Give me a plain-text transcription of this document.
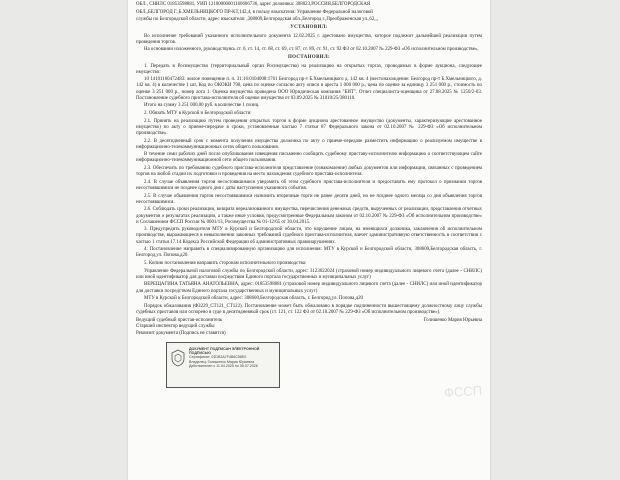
ОБЛ., СНИЛС 01853598881, УИП 12100000001160606736, адрес должника: 308023,РОССИЯ,БЕЛГОРОДСКАЯ

ОБЛ.,БЕЛГОРОД Г.,Б.ХМЕЛЬНИЦКОГО ПР-КТ,142,4, в пользу взыскателя: Управление Федеральной налоговой

службы по Белгородской области, адрес взыскателя: ,308009,Белгородская обл.,Белгород г.,Преображенская ул.,62,,,

УСТАНОВИЛ:

Во исполнение требований указанного исполнительного документа 12.02.2025 г. арестовано имущество, которое подлежит дальнейшей реализации путем проведения торгов.

На основании изложенного, руководствуясь ст. 6, ст. 14, ст. 68, ст. 69, ст. 87, ст. 89, ст. 91, ст. 92 ФЗ от 02.10.2007 № 229-ФЗ «Об исполнительном производстве»,

ПОСТАНОВИЛ:

1. Передать в Росимущество (территориальный орган Росимущества) на реализацию на открытых торгах, проводимых в форме аукциона, следующее имущество:

10 14101160472483: жилое помещение п. п. 31:16:0104008:1761 Белгород пр-т Б.Хмельницкого д. 142 кв. 4 (местонахождение: Белгород пр-т Б.Хмельницкого, д. 142 кв. 4) в количестве 1 шт, Код по ОКОКИ 790, цена по оценке согласно акту описи и ареста 1 000 000 р., цена по оценке за единицу 3 251 000 р., стоимость по оценке 3 251 000 р., номер лота 1. Оценка имущества проведена ООО Юридическая компания "БИТ". Отчет специалиста-оценщика от 27.08.2025 № 1250/2-03. Постановление судебного пристава-исполнителя об оценке имущества от 03.09.2025 № 31010/25/380110.

Итого на сумму 3 251 000,00 руб. в количестве 1 позиц.

2. Обязать МТУ в Курской и Белгородской области:

2.1. Принять на реализацию путем проведения открытых торгов в форме аукциона арестованное имущество (документы, характеризующие арестованное имущество) по акту о приеме-передаче в сроки, установленные частью 7 статьи 87 Федерального закона от 02.10.2007 № 229-ФЗ «Об исполнительном производстве».

2.2. В десятидневный срок с момента получения имущества должника по акту о приеме-передаче разместить информацию о реализуемом имуществе в информационно-телекоммуникационных сетях общего пользования.

В течение семи рабочих дней после опубликования извещения письменно сообщить судебному приставу-исполнителю информацию о соответствующем сайте информационно-телекоммуникационной сети общего пользования.

2.3. Обеспечить по требованию судебного пристава-исполнителя представление (ознакомление) любых документов или информации, связанных с проведением торгов на любой стадии их подготовки и проведения на место нахождения судебного пристава-исполнителя.

2.4. В случае объявления торгов несостоявшимися уведомить об этом судебного пристава-исполнителя и предоставить ему протокол о признании торгов несостоявшимися не позднее одного дня с даты наступления указанного события.

2.5. В случае объявления торгов несостоявшимися назначить вторичные торги не ранее десяти дней, но не позднее одного месяца со дня объявления торгов несостоявшимися.

2.6. Соблюдать сроки реализации, возврата нереализованного имущества, перечисления денежных средств, вырученных от реализации, представления отчетных документов о результатах реализации, а также иные условия, предусмотренные Федеральным законом от 02.10.2007 № 229-ФЗ «Об исполнительном производстве» и Соглашением ФССП России № 0001/13, Росимущества № 01-12/65 от 30.04.2015.

3. Предупредить руководителя МТУ в Курской и Белгородской области, что нарушение лицом, на имеющихся должника, заключения об исполнительном производстве, выражающееся в невыполнении законных требований судебного пристава-исполнителя, влечет административную ответственность в соответствии с частью 1 статьи 17.14 Кодекса Российской Федерации об административных правонарушениях.

4. Постановление направить в специализированную организацию для исполнения: МТУ в Курской и Белгородской области, 308600,Белгородская область, г. Белгород,ул. Попова,д20.

5. Копию постановления направить сторонам исполнительного производства:

Управление Федеральной налоговой службы по Белгородской области, адрес: 3123022024 (страховой номер индивидуального лицевого счета (далее - СНИЛС) или иной идентификатор для доставки посредством Единого портала государственных и муниципальных услуг)

ВЕРЕЩАГИНА ТАТЬЯНА АНАТОЛЬЕВНА, адрес: 01853598881 (страховой номер индивидуального лицевого счета (далее - СНИЛС) или иной идентификатор для доставки посредством Единого портала государственных и муниципальных услуг)

МТУ в Курской и Белгородской области, адрес: 308600,Белгородская область, г. Белгород,ул. Попова,д20

Порядок обжалования (ФЗ229_СТ121_СТ122). Постановление может быть обжаловано в порядке подчиненности вышестоящему должностному лицу службы судебных приставов или оспорено в суде в десятидневный срок (ст. 121, ст. 122 ФЗ от 02.10.2007 № 229-ФЗ «Об исполнительном производстве»).

Ведущий судебный пристав-исполнитель	Голишенко Мария Юрьевна

Старший инспектор ведущий службы

Реквизит документа (Подпись не ставится)

ДОКУМЕНТ ПОДПИСАН ЭЛЕКТРОННОЙ ПОДПИСЬЮ
Сертификат: 01DB3A7F4B6C58E0
Владелец: Голишенко Мария Юрьевна
Действителен с 11.04.2025 по 05.07.2026
ФССП
